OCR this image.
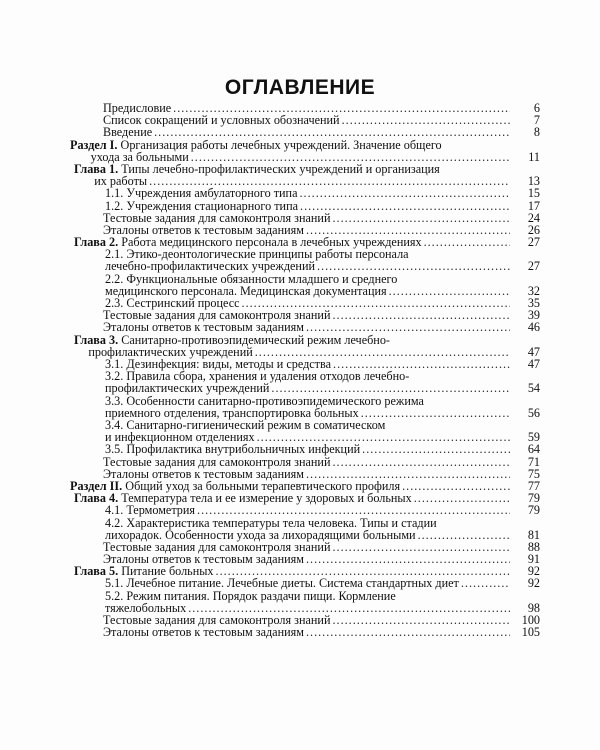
ОГЛАВЛЕНИЕ
Предисловие .....	6
Список сокращений и условных обозначений .....	7
Введение .....	8
Раздел I. Организация работы лечебных учреждений. Значение общего
ухода за больными .....	11
Глава 1. Типы лечебно-профилактических учреждений и организация
их работы .....	13
1.1. Учреждения амбулаторного типа .....	15
1.2. Учреждения стационарного типа .....	17
Тестовые задания для самоконтроля знаний .....	24
Эталоны ответов к тестовым заданиям .....	26
Глава 2. Работа медицинского персонала в лечебных учреждениях .....	27
2.1. Этико-деонтологические принципы работы персонала
лечебно-профилактических учреждений .....	27
2.2. Функциональные обязанности младшего и среднего
медицинского персонала. Медицинская документация .....	32
2.3. Сестринский процесс .....	35
Тестовые задания для самоконтроля знаний .....	39
Эталоны ответов к тестовым заданиям .....	46
Глава 3. Санитарно-противоэпидемический режим лечебно-
профилактических учреждений .....	47
3.1. Дезинфекция: виды, методы и средства .....	47
3.2. Правила сбора, хранения и удаления отходов лечебно-
профилактических учреждений .....	54
3.3. Особенности санитарно-противоэпидемического режима
приемного отделения, транспортировка больных .....	56
3.4. Санитарно-гигиенический режим в соматическом
и инфекционном отделениях .....	59
3.5. Профилактика внутрибольничных инфекций .....	64
Тестовые задания для самоконтроля знаний .....	71
Эталоны ответов к тестовым заданиям .....	75
Раздел II. Общий уход за больными терапевтического профиля .....	77
Глава 4. Температура тела и ее измерение у здоровых и больных .....	79
4.1. Термометрия .....	79
4.2. Характеристика температуры тела человека. Типы и стадии
лихорадок. Особенности ухода за лихорадящими больными .....	81
Тестовые задания для самоконтроля знаний .....	88
Эталоны ответов к тестовым заданиям .....	91
Глава 5. Питание больных .....	92
5.1. Лечебное питание. Лечебные диеты. Система стандартных диет .....	92
5.2. Режим питания. Порядок раздачи пищи. Кормление
тяжелобольных .....	98
Тестовые задания для самоконтроля знаний .....	100
Эталоны ответов к тестовым заданиям .....	105
